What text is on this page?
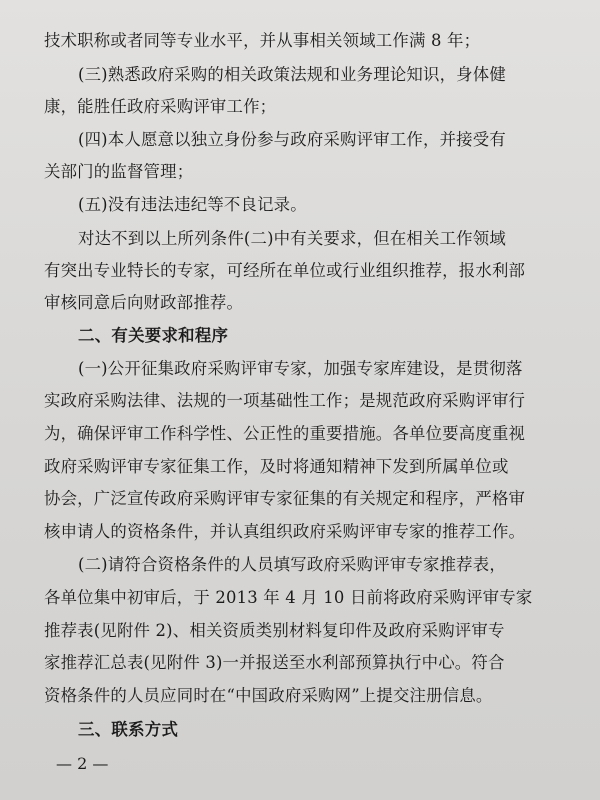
技术职称或者同等专业水平，并从事相关领域工作满 8 年；
(三)熟悉政府采购的相关政策法规和业务理论知识，身体健
康，能胜任政府采购评审工作；
(四)本人愿意以独立身份参与政府采购评审工作，并接受有
关部门的监督管理；
(五)没有违法违纪等不良记录。
对达不到以上所列条件(二)中有关要求，但在相关工作领域
有突出专业特长的专家，可经所在单位或行业组织推荐，报水利部
审核同意后向财政部推荐。
二、有关要求和程序
(一)公开征集政府采购评审专家，加强专家库建设，是贯彻落
实政府采购法律、法规的一项基础性工作；是规范政府采购评审行
为，确保评审工作科学性、公正性的重要措施。各单位要高度重视
政府采购评审专家征集工作，及时将通知精神下发到所属单位或
协会，广泛宣传政府采购评审专家征集的有关规定和程序，严格审
核申请人的资格条件，并认真组织政府采购评审专家的推荐工作。
(二)请符合资格条件的人员填写政府采购评审专家推荐表，
各单位集中初审后，于 2013 年 4 月 10 日前将政府采购评审专家
推荐表(见附件 2)、相关资质类别材料复印件及政府采购评审专
家推荐汇总表(见附件 3)一并报送至水利部预算执行中心。符合
资格条件的人员应同时在“中国政府采购网”上提交注册信息。
三、联系方式
— 2 —
